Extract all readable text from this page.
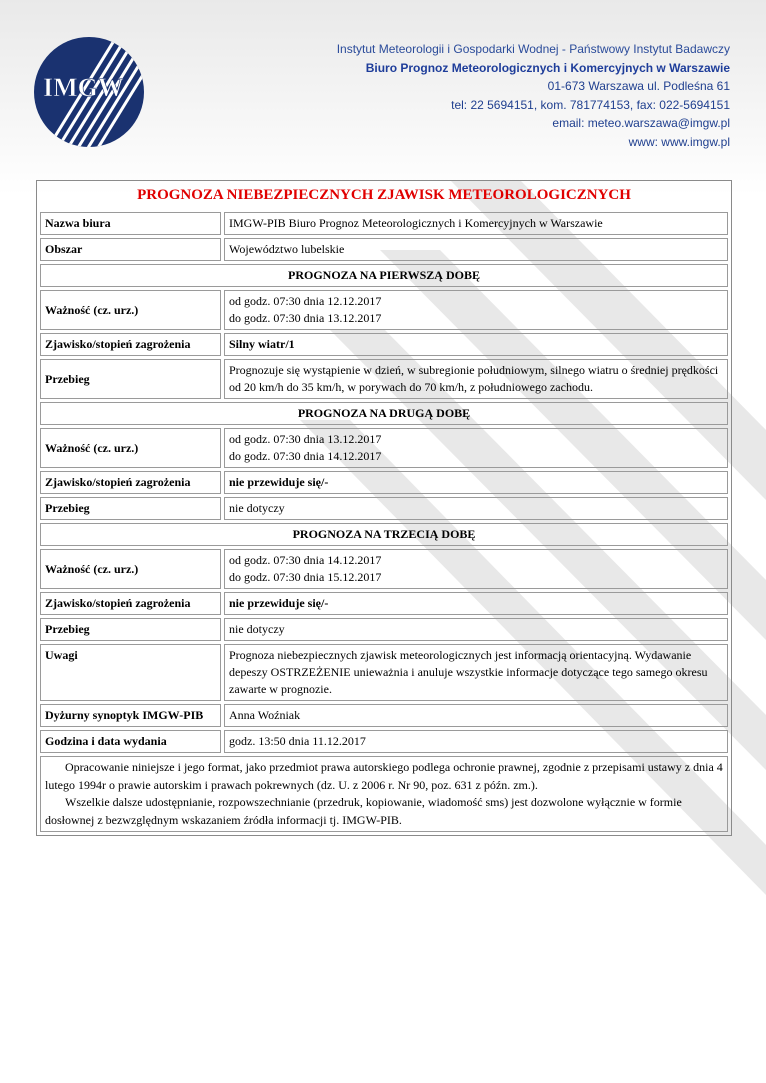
IMGW
Instytut Meteorologii i Gospodarki Wodnej - Państwowy Instytut Badawczy
Biuro Prognoz Meteorologicznych i Komercyjnych w Warszawie
01-673 Warszawa ul. Podleśna 61
tel: 22 5694151, kom. 781774153, fax: 022-5694151
email: meteo.warszawa@imgw.pl
www: www.imgw.pl
PROGNOZA NIEBEZPIECZNYCH ZJAWISK METEOROLOGICZNYCH
Nazwa biura	IMGW-PIB Biuro Prognoz Meteorologicznych i Komercyjnych w Warszawie
Obszar	Województwo lubelskie
PROGNOZA NA PIERWSZĄ DOBĘ	
Ważność (cz. urz.)	od godz. 07:30 dnia 12.12.2017
do godz. 07:30 dnia 13.12.2017

Zjawisko/stopień zagrożenia	Silny wiatr/1
Przebieg	Prognozuje się wystąpienie w dzień, w subregionie południowym, silnego wiatru o średniej prędkości od 20 km/h do 35 km/h, w porywach do 70 km/h, z południowego zachodu.
PROGNOZA NA DRUGĄ DOBĘ	
Ważność (cz. urz.)	od godz. 07:30 dnia 13.12.2017
do godz. 07:30 dnia 14.12.2017

Zjawisko/stopień zagrożenia	nie przewiduje się/-
Przebieg	nie dotyczy
PROGNOZA NA TRZECIĄ DOBĘ	
Ważność (cz. urz.)	od godz. 07:30 dnia 14.12.2017
do godz. 07:30 dnia 15.12.2017

Zjawisko/stopień zagrożenia	nie przewiduje się/-
Przebieg	nie dotyczy
Uwagi	Prognoza niebezpiecznych zjawisk meteorologicznych jest informacją orientacyjną. Wydawanie depeszy OSTRZEŻENIE unieważnia i anuluje wszystkie informacje dotyczące tego samego okresu zawarte w prognozie.
Dyżurny synoptyk IMGW-PIB	Anna Woźniak
Godzina i data wydania	godz. 13:50 dnia 11.12.2017

Opracowanie niniejsze i jego format, jako przedmiot prawa autorskiego podlega ochronie prawnej, zgodnie z przepisami ustawy z dnia 4 lutego 1994r o prawie autorskim i prawach pokrewnych (dz. U. z 2006 r. Nr 90, poz. 631 z późn. zm.).

Wszelkie dalsze udostępnianie, rozpowszechnianie (przedruk, kopiowanie, wiadomość sms) jest dozwolone wyłącznie w formie dosłownej z bezwzględnym wskazaniem źródła informacji tj. IMGW-PIB.
